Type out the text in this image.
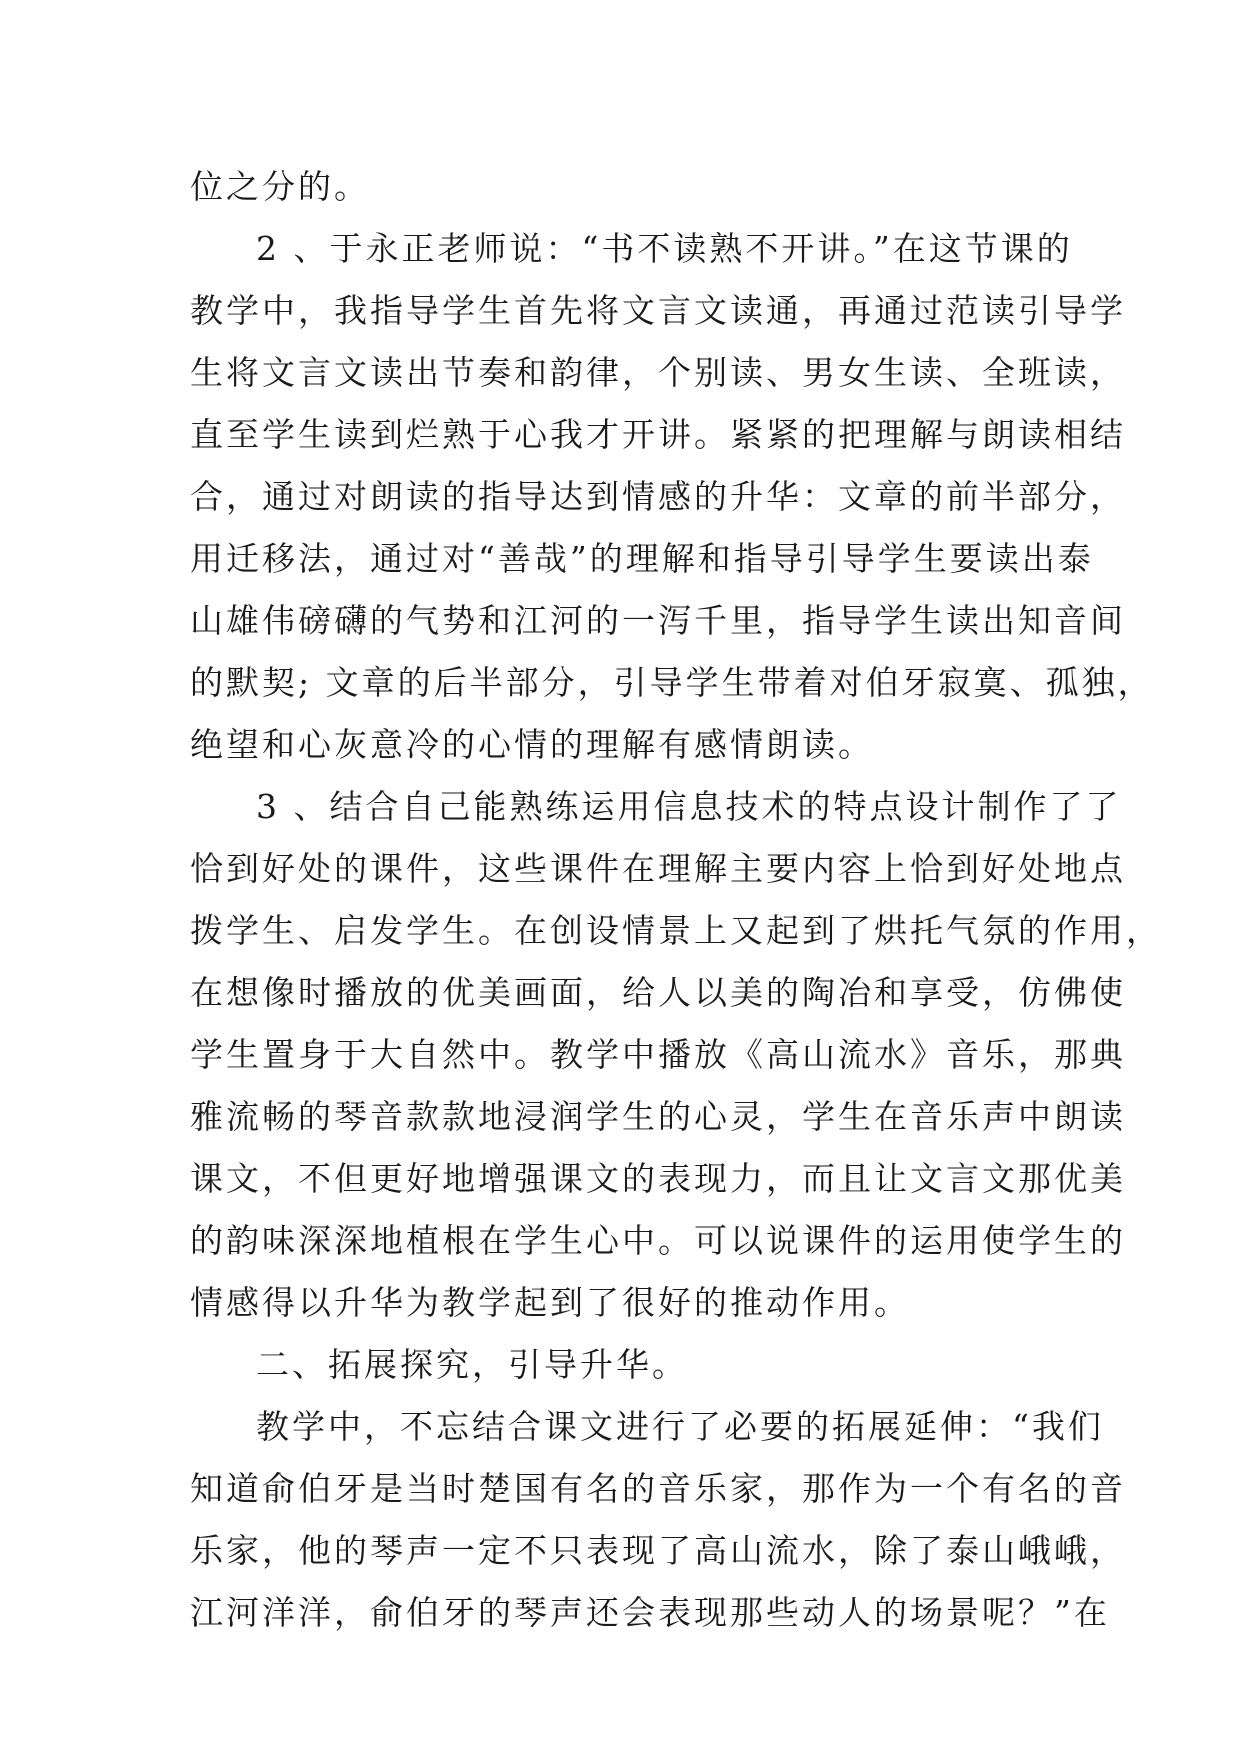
位之分的。
2 、于永正老师说：“书不读熟不开讲。”在这节课的
教学中，我指导学生首先将文言文读通，再通过范读引导学
生将文言文读出节奏和韵律，个别读、男女生读、全班读，
直至学生读到烂熟于心我才开讲。紧紧的把理解与朗读相结
合，通过对朗读的指导达到情感的升华：文章的前半部分，
用迁移法，通过对“善哉”的理解和指导引导学生要读出泰
山雄伟磅礴的气势和江河的一泻千里，指导学生读出知音间
的默契; 文章的后半部分，引导学生带着对伯牙寂寞、孤独，
绝望和心灰意冷的心情的理解有感情朗读。
3 、结合自己能熟练运用信息技术的特点设计制作了了
恰到好处的课件，这些课件在理解主要内容上恰到好处地点
拨学生、启发学生。在创设情景上又起到了烘托气氛的作用，
在想像时播放的优美画面，给人以美的陶冶和享受，仿佛使
学生置身于大自然中。教学中播放《高山流水》音乐，那典
雅流畅的琴音款款地浸润学生的心灵，学生在音乐声中朗读
课文，不但更好地增强课文的表现力，而且让文言文那优美
的韵味深深地植根在学生心中。可以说课件的运用使学生的
情感得以升华为教学起到了很好的推动作用。
二、拓展探究，引导升华。
教学中，不忘结合课文进行了必要的拓展延伸：“我们
知道俞伯牙是当时楚国有名的音乐家，那作为一个有名的音
乐家，他的琴声一定不只表现了高山流水，除了泰山峨峨，
江河洋洋，俞伯牙的琴声还会表现那些动人的场景呢？”在
